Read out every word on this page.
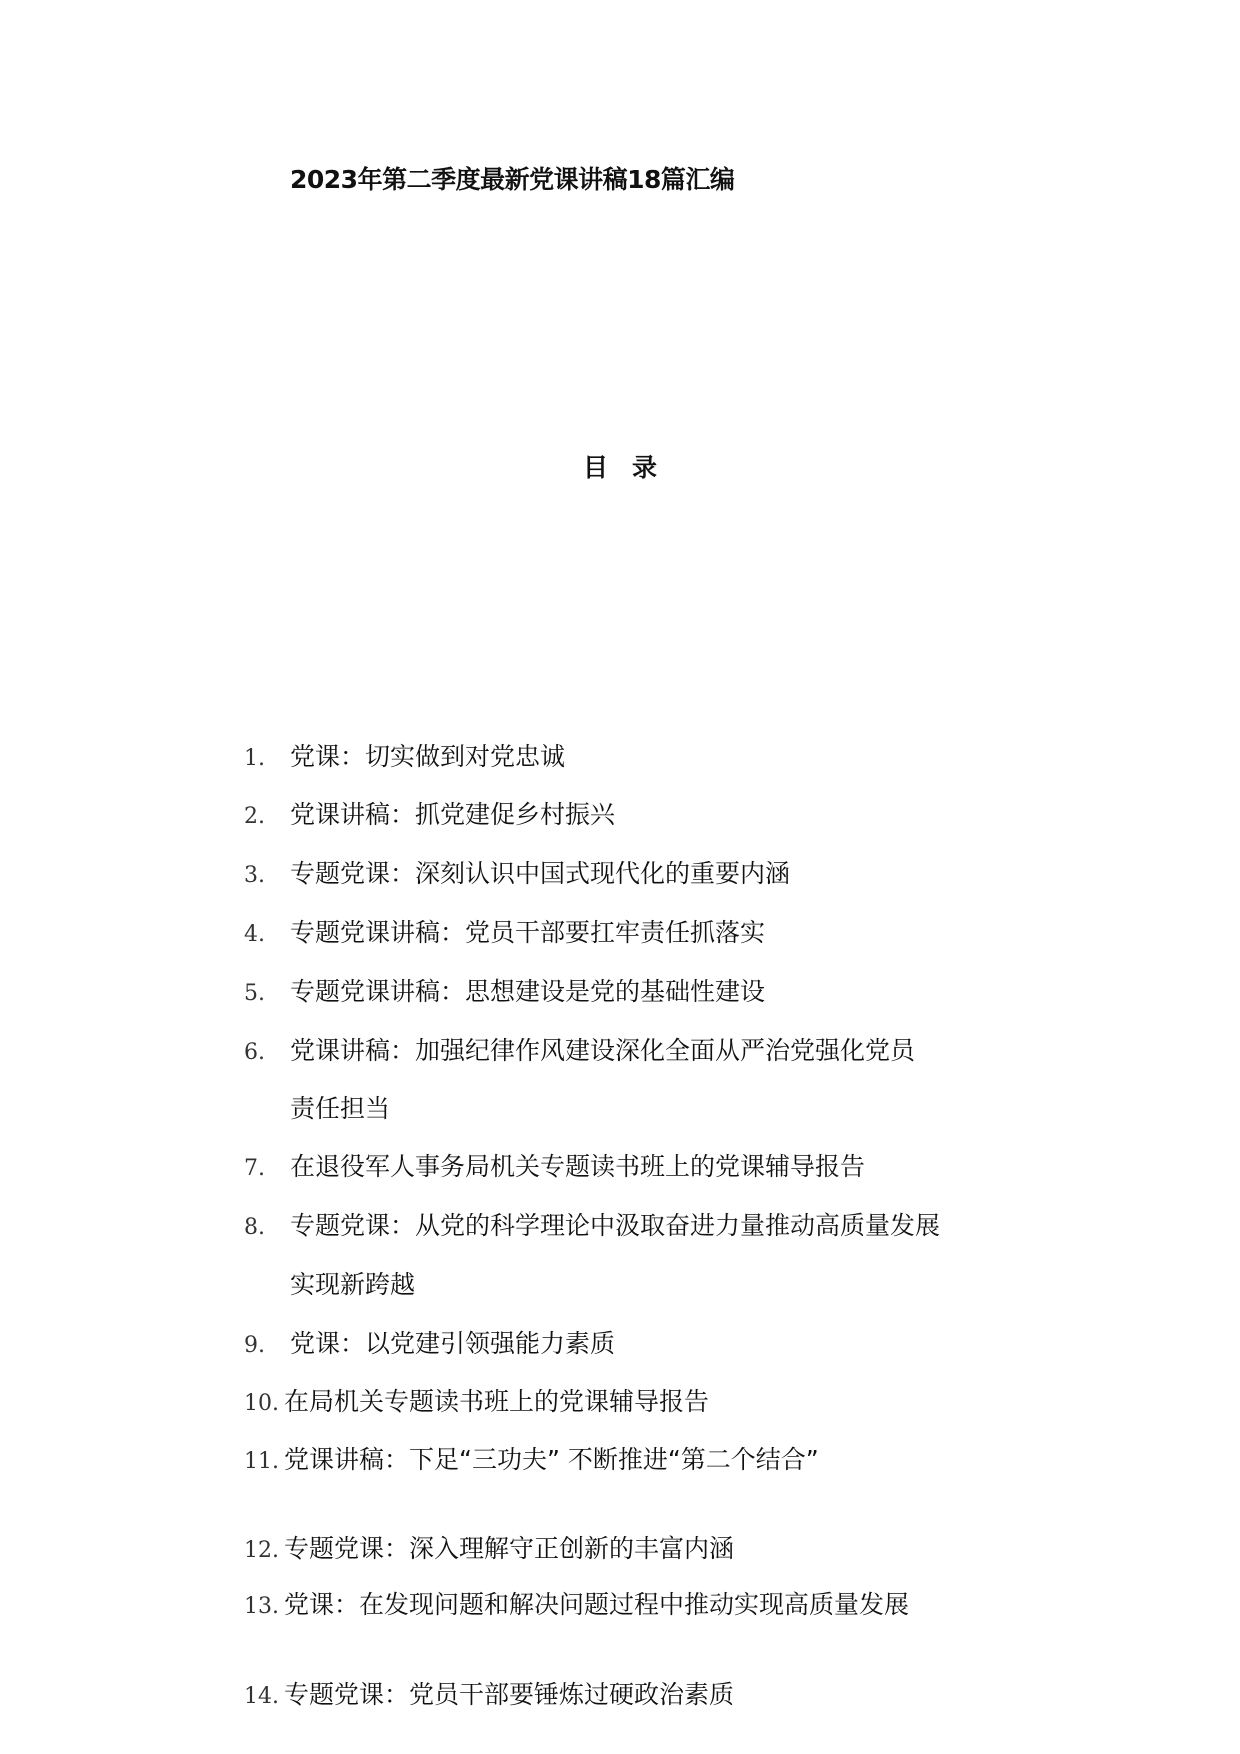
2023年第二季度最新党课讲稿18篇汇编
目 录
1. 党课：切实做到对党忠诚
2. 党课讲稿：抓党建促乡村振兴
3. 专题党课：深刻认识中国式现代化的重要内涵
4. 专题党课讲稿：党员干部要扛牢责任抓落实
5. 专题党课讲稿：思想建设是党的基础性建设
6. 党课讲稿：加强纪律作风建设深化全面从严治党强化党员
责任担当
7. 在退役军人事务局机关专题读书班上的党课辅导报告
8. 专题党课：从党的科学理论中汲取奋进力量推动高质量发展
实现新跨越
9. 党课：以党建引领强能力素质
10. 在局机关专题读书班上的党课辅导报告
11. 党课讲稿：下足“三功夫” 不断推进“第二个结合”
12. 专题党课：深入理解守正创新的丰富内涵
13. 党课：在发现问题和解决问题过程中推动实现高质量发展
14. 专题党课：党员干部要锤炼过硬政治素质
